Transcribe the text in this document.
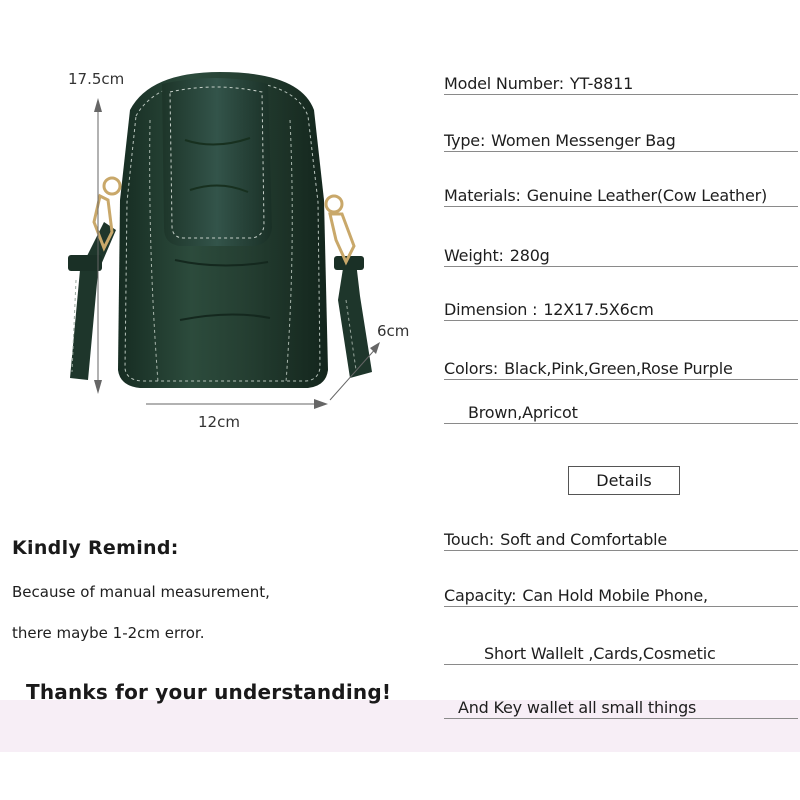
17.5cm
6cm
12cm
Model Number: YT-8811
Type: Women Messenger Bag
Materials: Genuine Leather(Cow Leather)
Weight: 280g
Dimension : 12X17.5X6cm
Colors: Black,Pink,Green,Rose Purple
Brown,Apricot
Details
Touch: Soft and Comfortable
Capacity: Can Hold Mobile Phone,
Short Wallelt ,Cards,Cosmetic
Kindly Remind:
Because of manual measurement,
there maybe 1-2cm error.
Thanks for your understanding!
And Key wallet all small things
